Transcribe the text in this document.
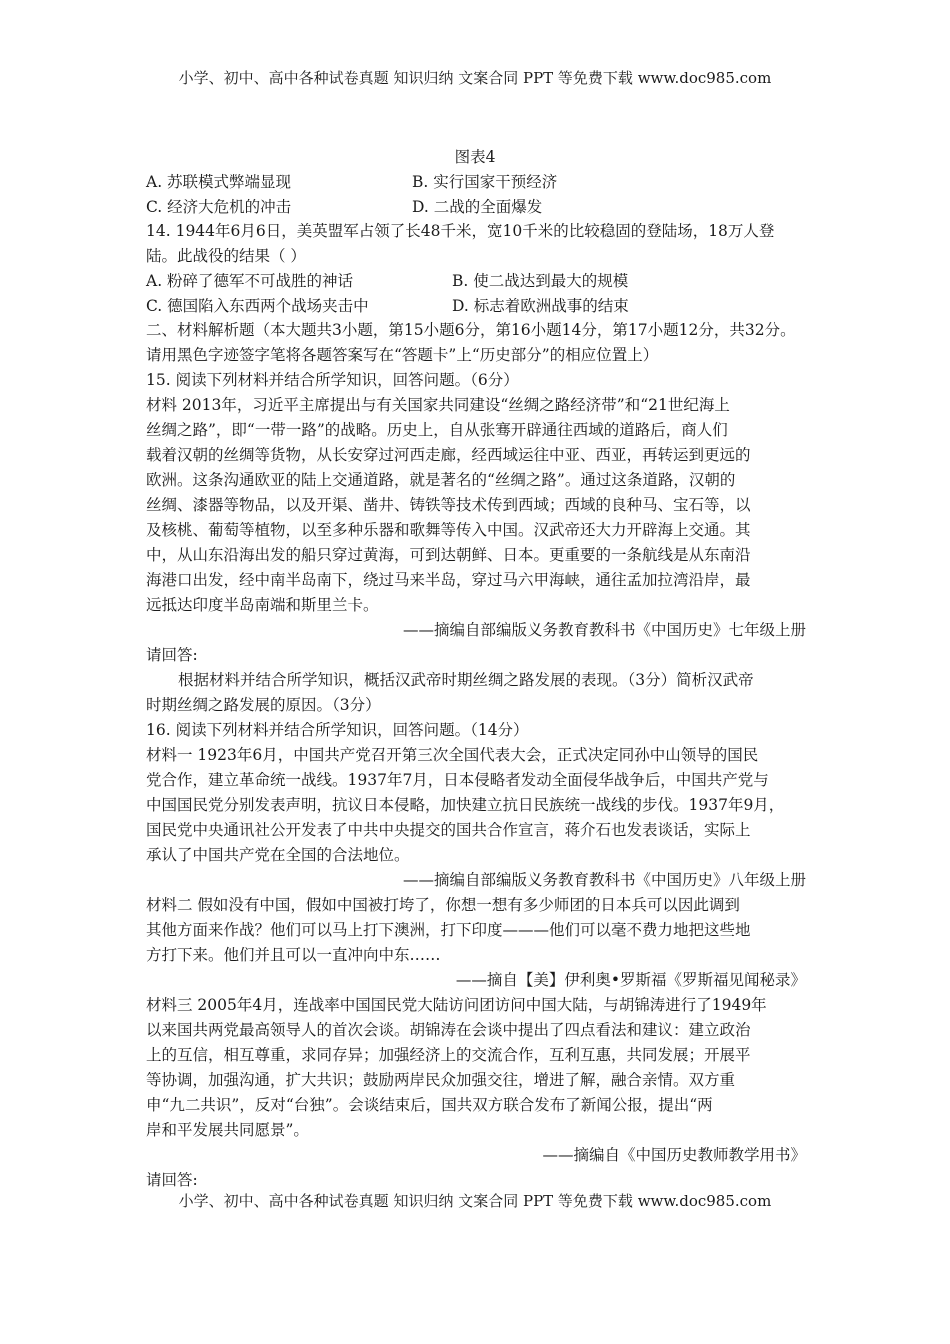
小学、初中、高中各种试卷真题 知识归纳 文案合同 PPT 等免费下载 www.doc985.com
图表4
A. 苏联模式弊端显现	B. 实行国家干预经济
C. 经济大危机的冲击	D. 二战的全面爆发
14. 1944年6月6日，美英盟军占领了长48千米，宽10千米的比较稳固的登陆场，18万人登
陆。此战役的结果（ ）
A. 粉碎了德军不可战胜的神话	B. 使二战达到最大的规模
C. 德国陷入东西两个战场夹击中	D. 标志着欧洲战事的结束
二、材料解析题（本大题共3小题，第15小题6分，第16小题14分，第17小题12分，共32分。
请用黑色字迹签字笔将各题答案写在“答题卡”上“历史部分”的相应位置上）
15. 阅读下列材料并结合所学知识，回答问题。（6分）
材料 2013年，习近平主席提出与有关国家共同建设“丝绸之路经济带”和“21世纪海上
丝绸之路”，即“一带一路”的战略。历史上，自从张骞开辟通往西域的道路后，商人们
载着汉朝的丝绸等货物，从长安穿过河西走廊，经西域运往中亚、西亚，再转运到更远的
欧洲。这条沟通欧亚的陆上交通道路，就是著名的“丝绸之路”。通过这条道路，汉朝的
丝绸、漆器等物品，以及开渠、凿井、铸铁等技术传到西域；西域的良种马、宝石等，以
及核桃、葡萄等植物，以至多种乐器和歌舞等传入中国。汉武帝还大力开辟海上交通。其
中，从山东沿海出发的船只穿过黄海，可到达朝鲜、日本。更重要的一条航线是从东南沿
海港口出发，经中南半岛南下，绕过马来半岛，穿过马六甲海峡，通往孟加拉湾沿岸，最
远抵达印度半岛南端和斯里兰卡。
——摘编自部编版义务教育教科书《中国历史》七年级上册
请回答:
根据材料并结合所学知识，概括汉武帝时期丝绸之路发展的表现。（3分）简析汉武帝
时期丝绸之路发展的原因。（3分）
16. 阅读下列材料并结合所学知识，回答问题。（14分）
材料一 1923年6月，中国共产党召开第三次全国代表大会，正式决定同孙中山领导的国民
党合作，建立革命统一战线。1937年7月，日本侵略者发动全面侵华战争后，中国共产党与
中国国民党分别发表声明，抗议日本侵略，加快建立抗日民族统一战线的步伐。1937年9月，
国民党中央通讯社公开发表了中共中央提交的国共合作宣言，蒋介石也发表谈话，实际上
承认了中国共产党在全国的合法地位。
——摘编自部编版义务教育教科书《中国历史》八年级上册
材料二 假如没有中国，假如中国被打垮了，你想一想有多少师团的日本兵可以因此调到
其他方面来作战？他们可以马上打下澳洲，打下印度———他们可以毫不费力地把这些地
方打下来。他们并且可以一直冲向中东……
——摘自【美】伊利奥•罗斯福《罗斯福见闻秘录》
材料三 2005年4月，连战率中国国民党大陆访问团访问中国大陆，与胡锦涛进行了1949年
以来国共两党最高领导人的首次会谈。胡锦涛在会谈中提出了四点看法和建议：建立政治
上的互信，相互尊重，求同存异；加强经济上的交流合作，互利互惠，共同发展；开展平
等协调，加强沟通，扩大共识；鼓励两岸民众加强交往，增进了解，融合亲情。双方重
申“九二共识”，反对“台独”。会谈结束后，国共双方联合发布了新闻公报，提出“两
岸和平发展共同愿景”。
——摘编自《中国历史教师教学用书》
请回答:
小学、初中、高中各种试卷真题 知识归纳 文案合同 PPT 等免费下载 www.doc985.com
